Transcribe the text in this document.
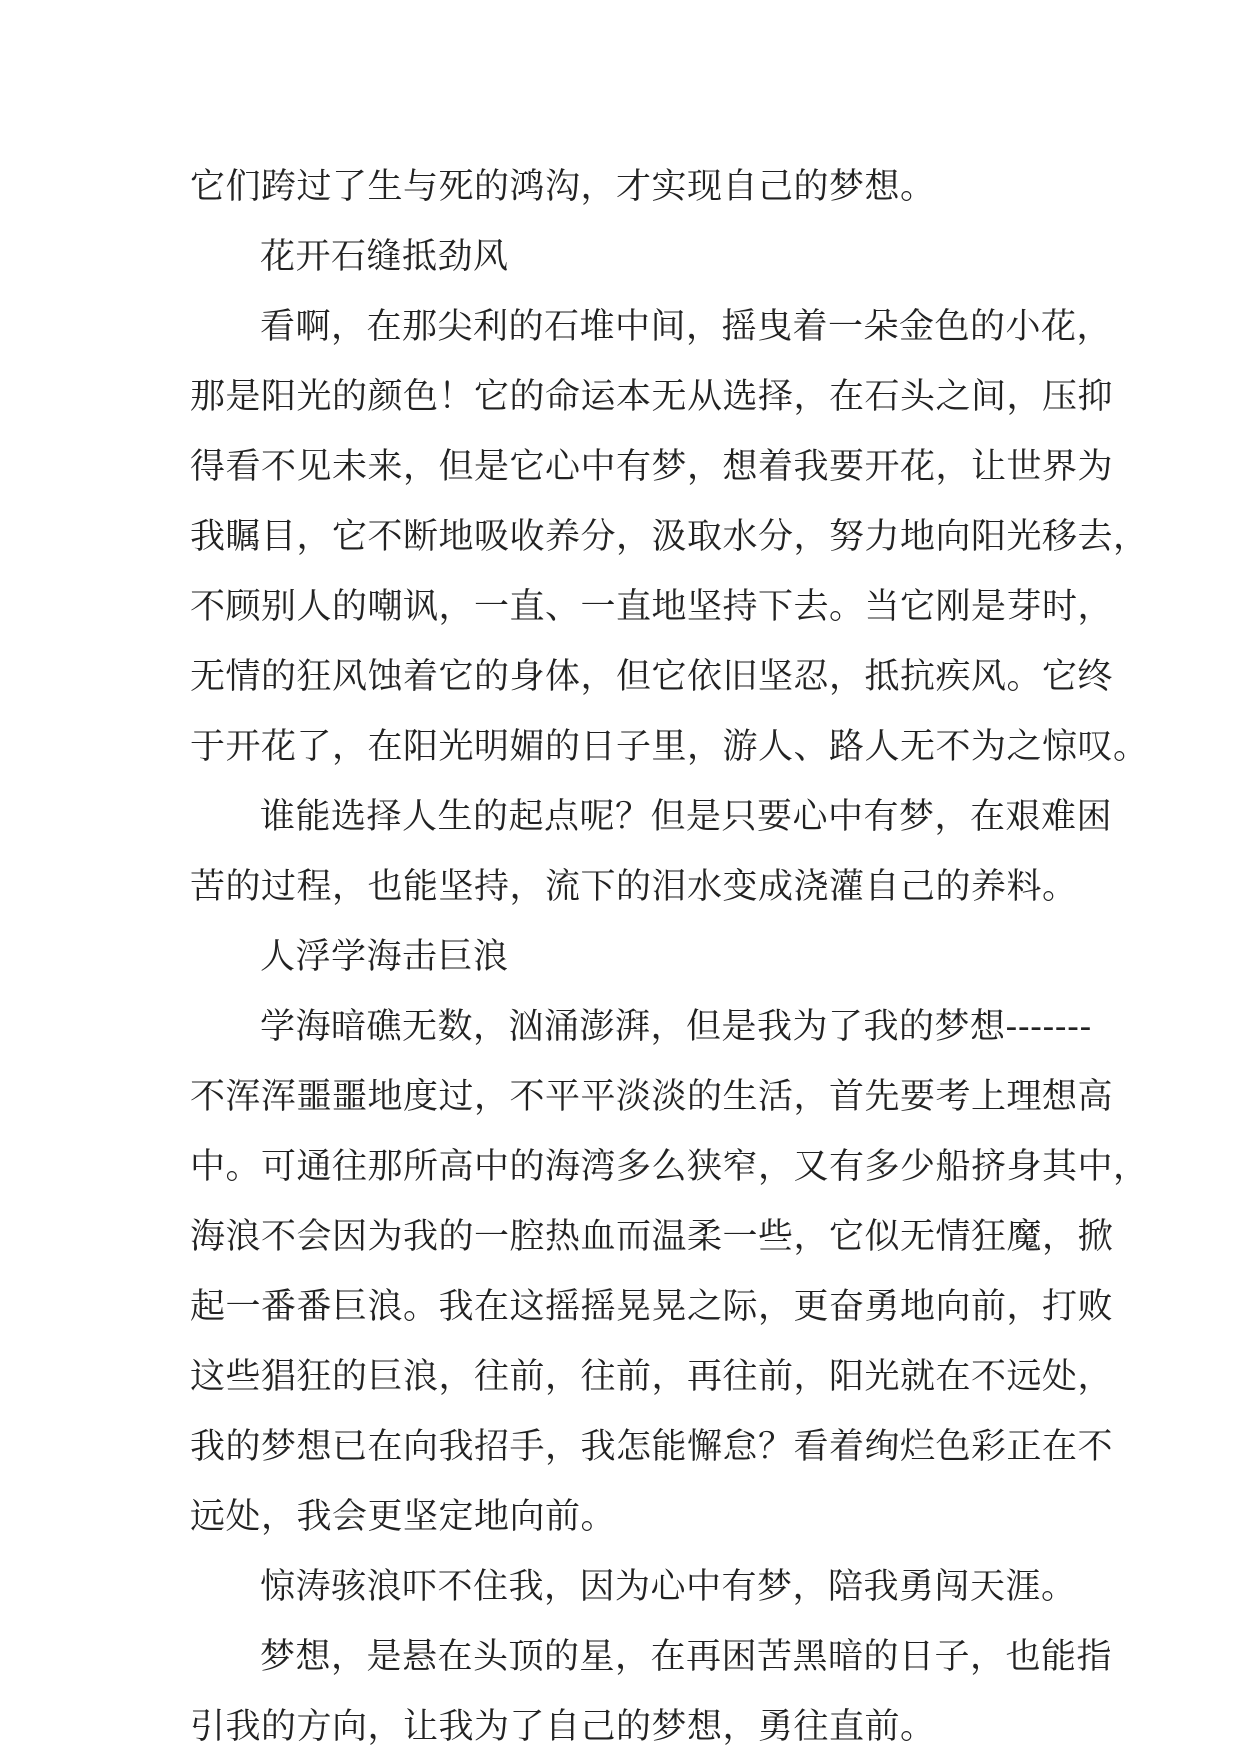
它们跨过了生与死的鸿沟，才实现自己的梦想。
花开石缝抵劲风
看啊，在那尖利的石堆中间，摇曳着一朵金色的小花，
那是阳光的颜色！它的命运本无从选择，在石头之间，压抑
得看不见未来，但是它心中有梦，想着我要开花，让世界为
我瞩目，它不断地吸收养分，汲取水分，努力地向阳光移去，
不顾别人的嘲讽，一直、一直地坚持下去。当它刚是芽时，
无情的狂风蚀着它的身体，但它依旧坚忍，抵抗疾风。它终
于开花了，在阳光明媚的日子里，游人、路人无不为之惊叹。
谁能选择人生的起点呢？但是只要心中有梦，在艰难困
苦的过程，也能坚持，流下的泪水变成浇灌自己的养料。
人浮学海击巨浪
学海暗礁无数，汹涌澎湃，但是我为了我的梦想-------
不浑浑噩噩地度过，不平平淡淡的生活，首先要考上理想高
中。可通往那所高中的海湾多么狭窄，又有多少船挤身其中，
海浪不会因为我的一腔热血而温柔一些，它似无情狂魔，掀
起一番番巨浪。我在这摇摇晃晃之际，更奋勇地向前，打败
这些猖狂的巨浪，往前，往前，再往前，阳光就在不远处，
我的梦想已在向我招手，我怎能懈怠？看着绚烂色彩正在不
远处，我会更坚定地向前。
惊涛骇浪吓不住我，因为心中有梦，陪我勇闯天涯。
梦想，是悬在头顶的星，在再困苦黑暗的日子，也能指
引我的方向，让我为了自己的梦想，勇往直前。
